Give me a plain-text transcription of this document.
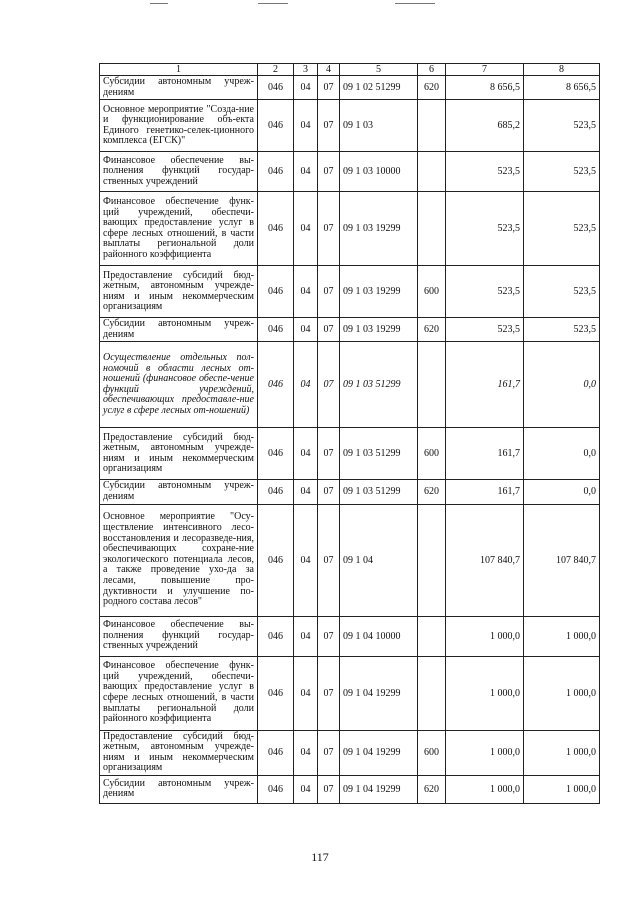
1	2	3	4	5	6	7	8
Субсидии автономным учреж-дениям	046	04	07	09 1 02 51299	620	8 656,5	8 656,5
Основное мероприятие "Созда-ние и функционирование объ-екта Единого генетико-селек-ционного комплекса (ЕГСК)"	046	04	07	09 1 03		685,2	523,5
Финансовое обеспечение вы-полнения функций государ-ственных учреждений	046	04	07	09 1 03 10000		523,5	523,5
Финансовое обеспечение функ-ций учреждений, обеспечи-вающих предоставление услуг в сфере лесных отношений, в части выплаты региональной доли районного коэффициента	046	04	07	09 1 03 19299		523,5	523,5
Предоставление субсидий бюд-жетным, автономным учрежде-ниям и иным некоммерческим организациям	046	04	07	09 1 03 19299	600	523,5	523,5
Субсидии автономным учреж-дениям	046	04	07	09 1 03 19299	620	523,5	523,5
Осуществление отдельных пол-номочий в области лесных от-ношений (финансовое обеспе-чение функций учреждений, обеспечивающих предоставле-ние услуг в сфере лесных от-ношений)	046	04	07	09 1 03 51299		161,7	0,0
Предоставление субсидий бюд-жетным, автономным учрежде-ниям и иным некоммерческим организациям	046	04	07	09 1 03 51299	600	161,7	0,0
Субсидии автономным учреж-дениям	046	04	07	09 1 03 51299	620	161,7	0,0
Основное мероприятие "Осу-ществление интенсивного лесо-восстановления и лесоразведе-ния, обеспечивающих сохране-ние экологического потенциала лесов, а также проведение ухо-да за лесами, повышение про-дуктивности и улучшение по-родного состава лесов"	046	04	07	09 1 04		107 840,7	107 840,7
Финансовое обеспечение вы-полнения функций государ-ственных учреждений	046	04	07	09 1 04 10000		1 000,0	1 000,0
Финансовое обеспечение функ-ций учреждений, обеспечи-вающих предоставление услуг в сфере лесных отношений, в части выплаты региональной доли районного коэффициента	046	04	07	09 1 04 19299		1 000,0	1 000,0
Предоставление субсидий бюд-жетным, автономным учрежде-ниям и иным некоммерческим организациям	046	04	07	09 1 04 19299	600	1 000,0	1 000,0
Субсидии автономным учреж-дениям	046	04	07	09 1 04 19299	620	1 000,0	1 000,0
117
